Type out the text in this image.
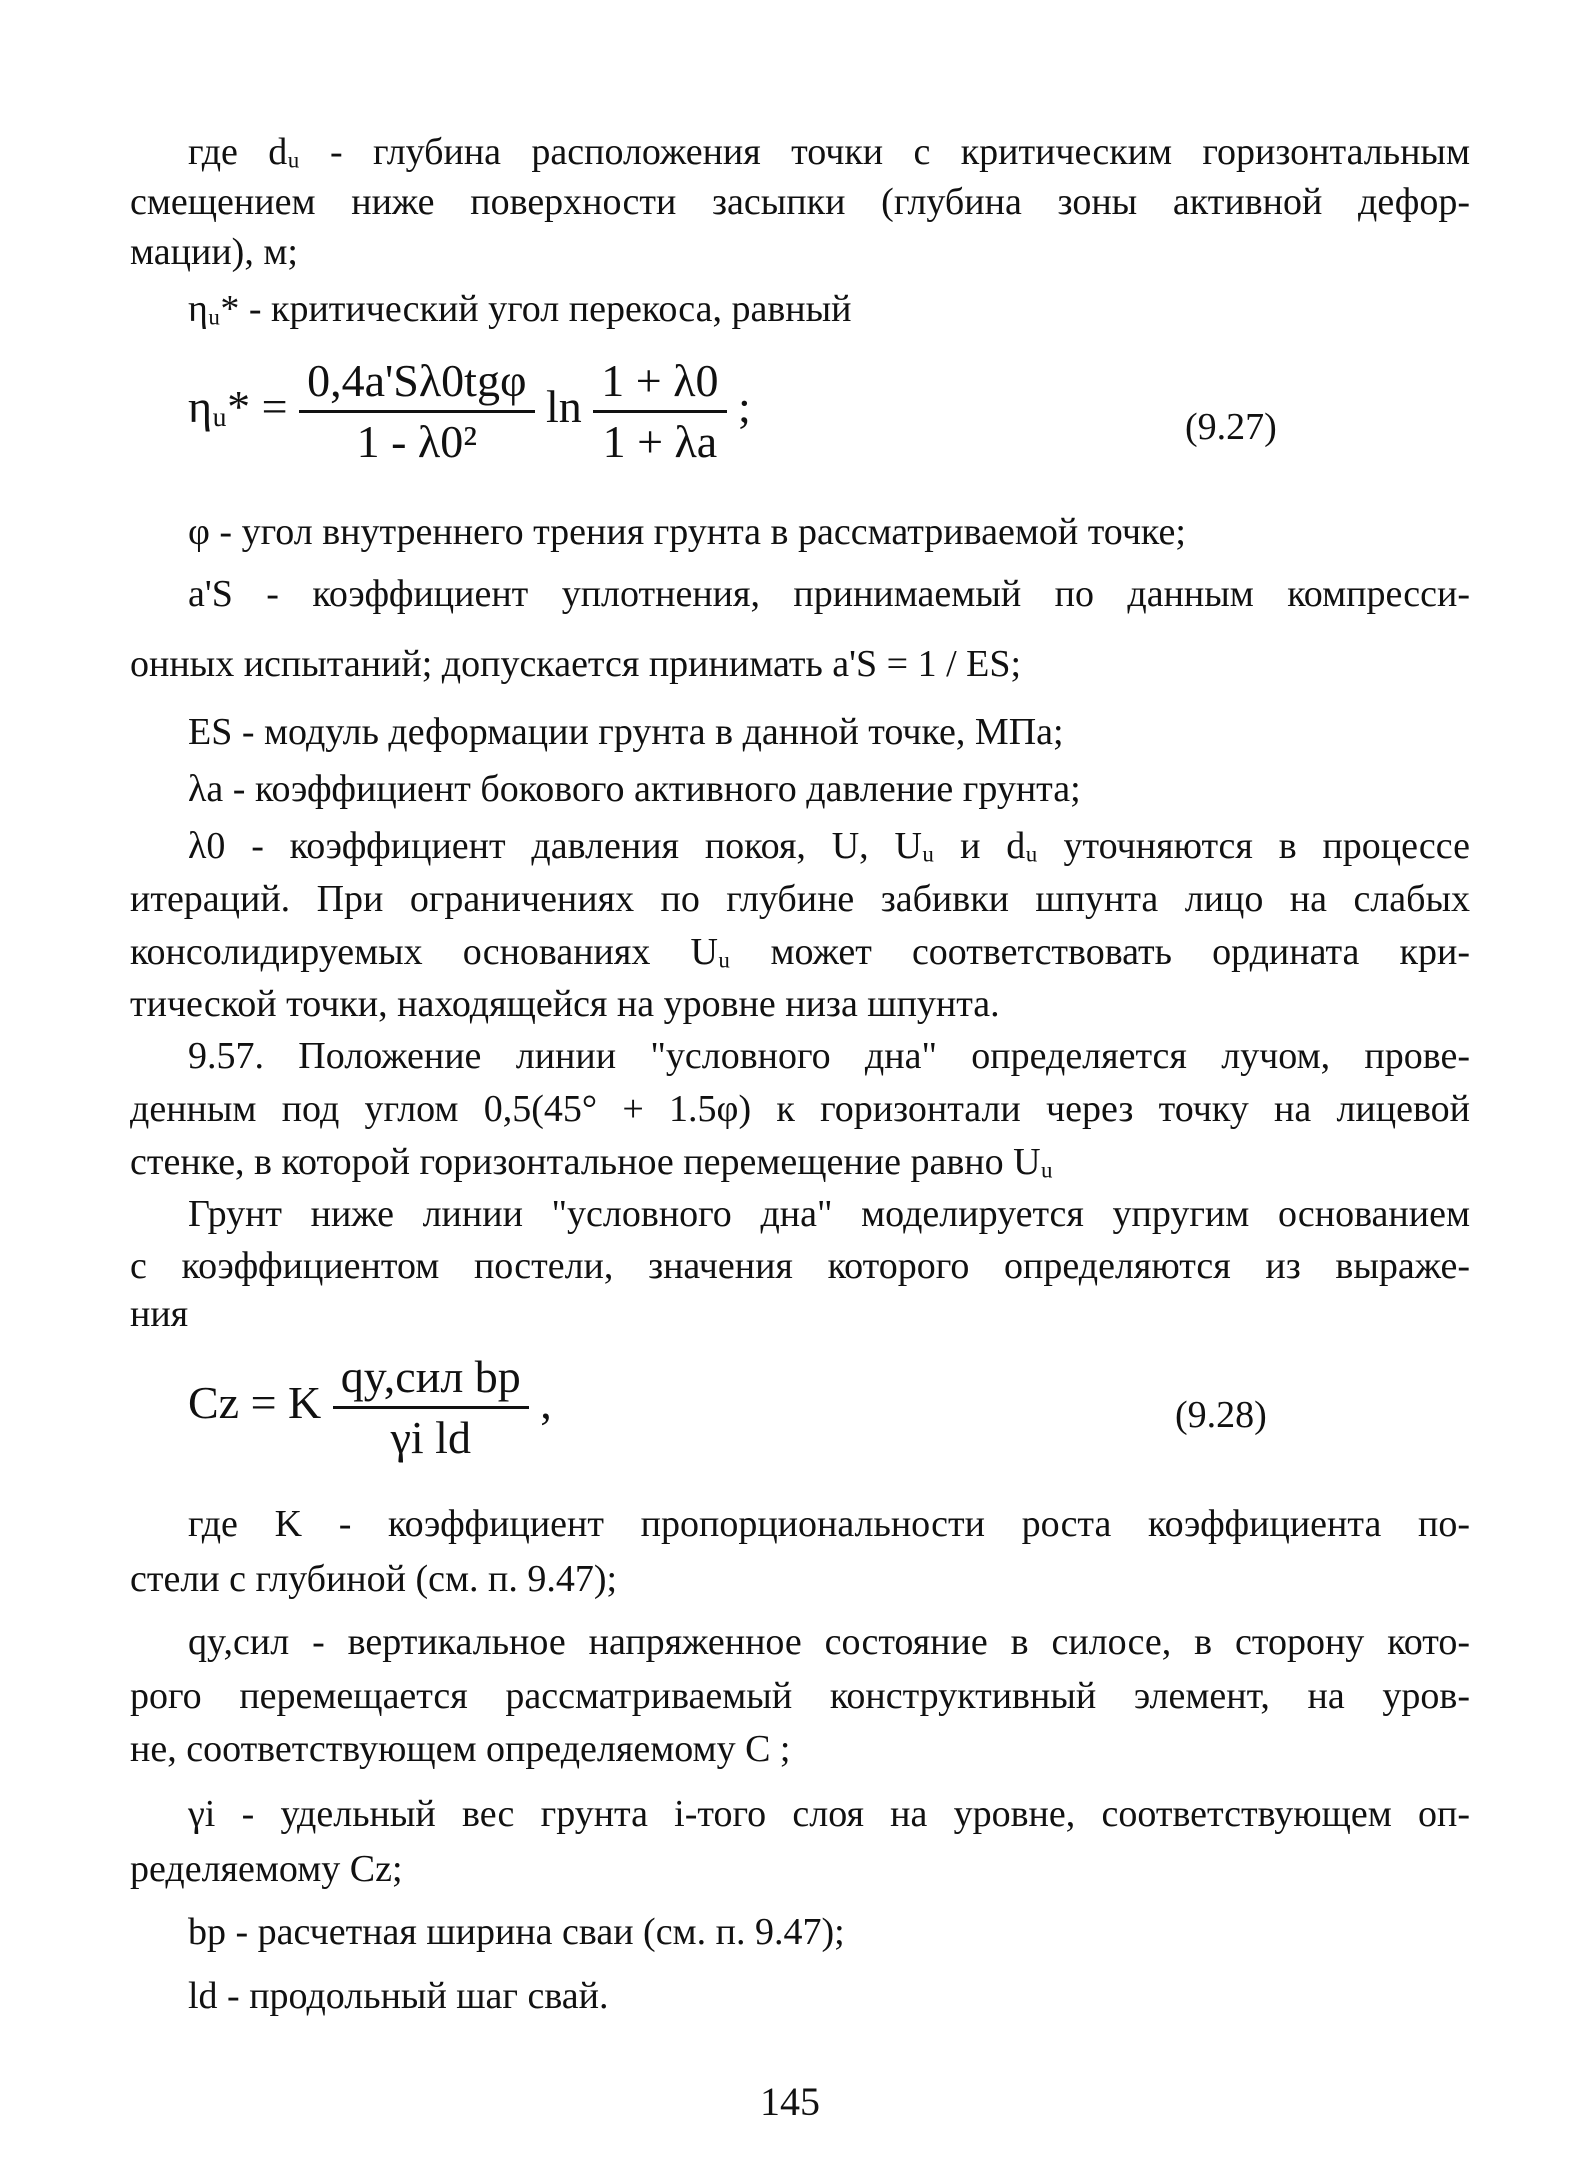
где dᵤ - глубина расположения точки с критическим горизонтальным
смещением ниже поверхности засыпки (глубина зоны активной дефор-
мации), м;
ηᵤ* - критический угол перекоса, равный
ηᵤ* = $\frac{\text{0,4a'Sλ0tgφ}}{\text{1 - λ0²}}$ $\ln \frac{1 + \lambda 0}{1 + \lambda a}$ ;	(9.27)
φ - угол внутреннего трения грунта в рассматриваемой точке;
a'S - коэффициент уплотнения, принимаемый по данным компресси-
онных испытаний; допускается принимать a'S = 1 / ES;
ES - модуль деформации грунта в данной точке, МПа;
λa - коэффициент бокового активного давление грунта;
λ0 - коэффициент давления покоя, U, Uᵤ и dᵤ уточняются в процессе
итераций. При ограничениях по глубине забивки шпунта лицо на слабых
консолидируемых основаниях Uᵤ может соответствовать ордината кри-
тической точки, находящейся на уровне низа шпунта.
9.57. Положение линии "условного дна" определяется лучом, прове-
денным под углом 0,5(45° + 1.5φ) к горизонтали через точку на лицевой
стенке, в которой горизонтальное перемещение равно Uᵤ
Грунт ниже линии "условного дна" моделируется упругим основанием
с коэффициентом постели, значения которого определяются из выраже-
ния
Cz = K $\frac{\text{qy,сил bp}}{\text{γi ld}}$ ,	(9.28)
где K - коэффициент пропорциональности роста коэффициента по-
стели с глубиной (см. п. 9.47);
qy,сил - вертикальное напряженное состояние в силосе, в сторону кото-
рого перемещается рассматриваемый конструктивный элемент, на уров-
не, соответствующем определяемому C ;
γi - удельный вес грунта i-того слоя на уровне, соответствующем оп-
ределяемому Cz;
bp - расчетная ширина сваи (см. п. 9.47);
ld - продольный шаг свай.
145
